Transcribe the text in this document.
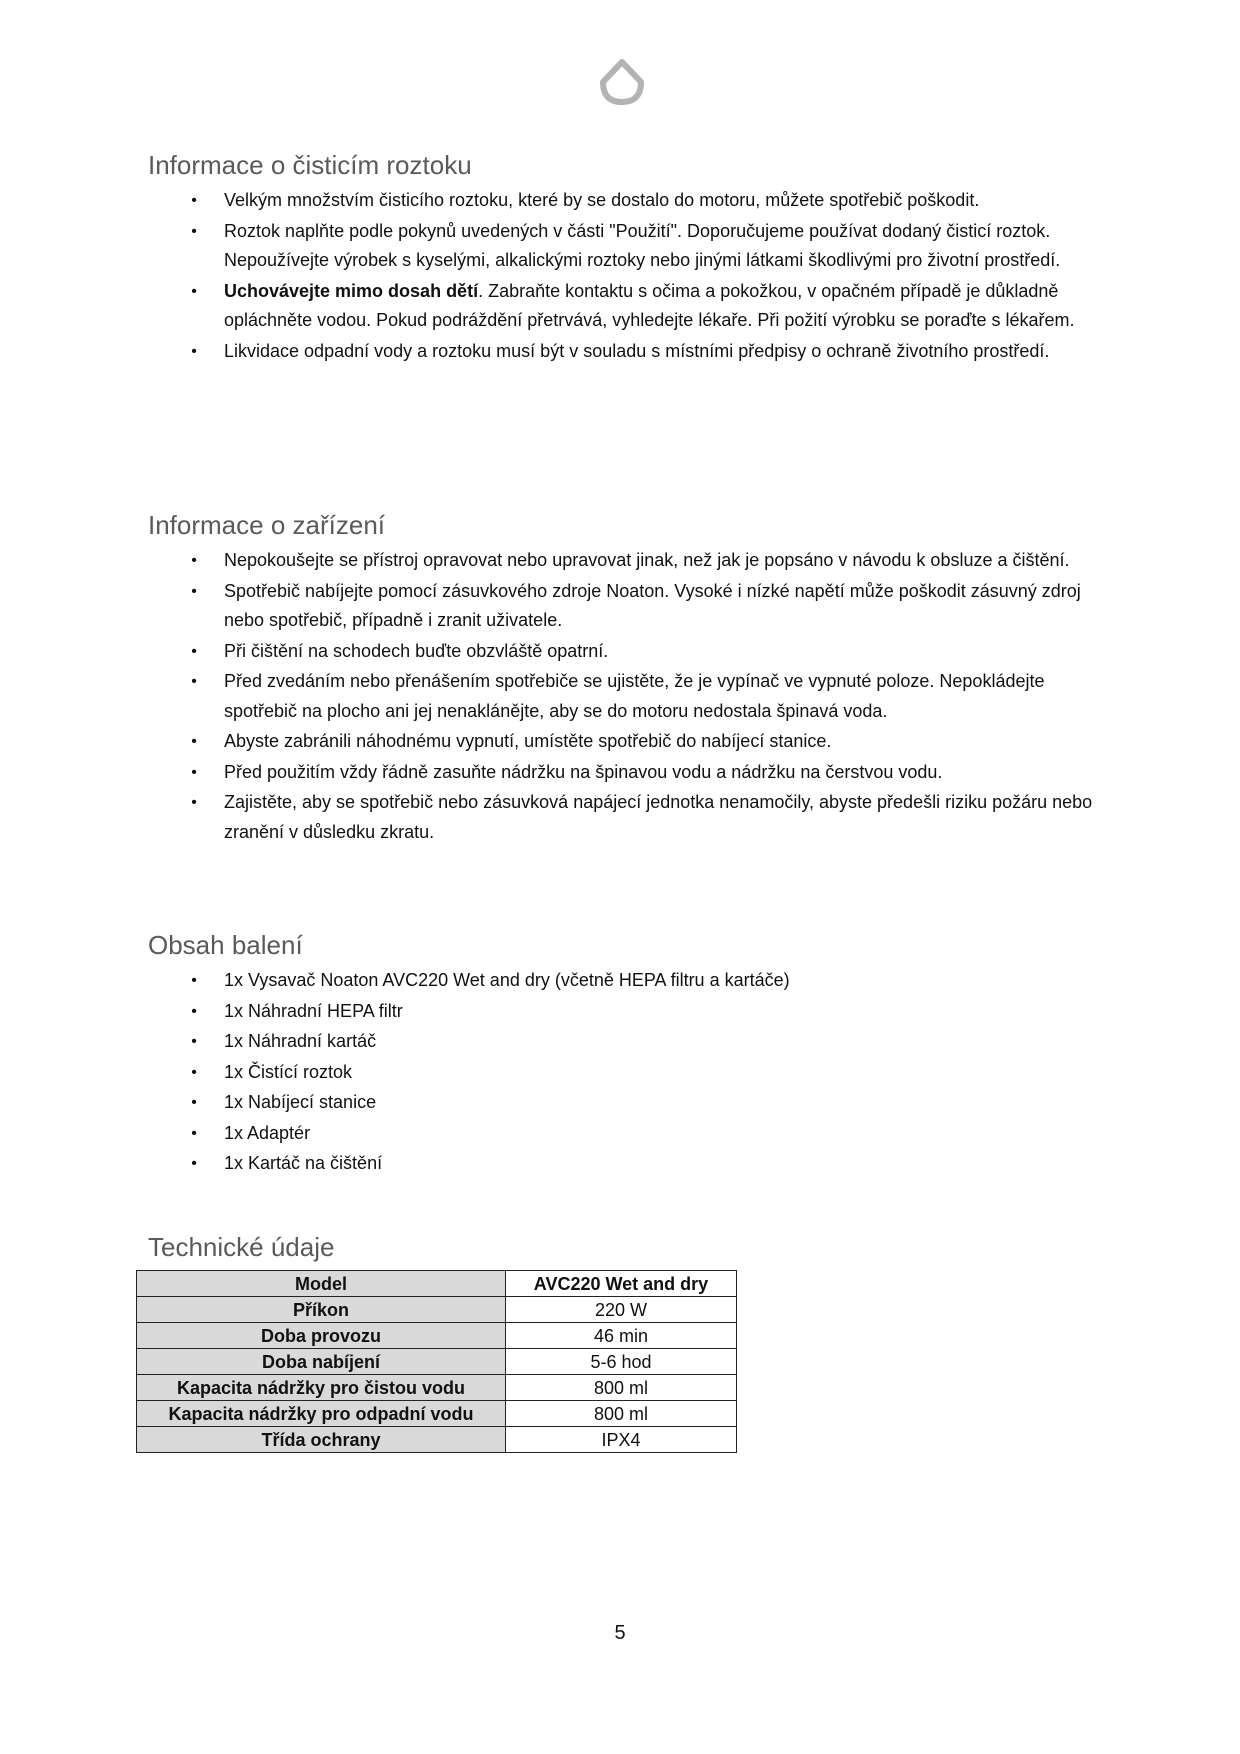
Informace o čisticím roztoku
• Velkým množstvím čisticího roztoku, které by se dostalo do motoru, můžete spotřebič poškodit.
• Roztok naplňte podle pokynů uvedených v části "Použití". Doporučujeme používat dodaný čisticí roztok. Nepoužívejte výrobek s kyselými, alkalickými roztoky nebo jinými látkami škodlivými pro životní prostředí.
• Uchovávejte mimo dosah dětí. Zabraňte kontaktu s očima a pokožkou, v opačném případě je důkladně opláchněte vodou. Pokud podráždění přetrvává, vyhledejte lékaře. Při požití výrobku se poraďte s lékařem.
• Likvidace odpadní vody a roztoku musí být v souladu s místními předpisy o ochraně životního prostředí.
Informace o zařízení
• Nepokoušejte se přístroj opravovat nebo upravovat jinak, než jak je popsáno v návodu k obsluze a čištění.
• Spotřebič nabíjejte pomocí zásuvkového zdroje Noaton. Vysoké i nízké napětí může poškodit zásuvný zdroj nebo spotřebič, případně i zranit uživatele.
• Při čištění na schodech buďte obzvláště opatrní.
• Před zvedáním nebo přenášením spotřebiče se ujistěte, že je vypínač ve vypnuté poloze. Nepokládejte spotřebič na plocho ani jej nenaklánějte, aby se do motoru nedostala špinavá voda.
• Abyste zabránili náhodnému vypnutí, umístěte spotřebič do nabíjecí stanice.
• Před použitím vždy řádně zasuňte nádržku na špinavou vodu a nádržku na čerstvou vodu.
• Zajistěte, aby se spotřebič nebo zásuvková napájecí jednotka nenamočily, abyste předešli riziku požáru nebo zranění v důsledku zkratu.
Obsah balení
• 1x Vysavač Noaton AVC220 Wet and dry (včetně HEPA filtru a kartáče)
• 1x Náhradní HEPA filtr
• 1x Náhradní kartáč
• 1x Čistící roztok
• 1x Nabíjecí stanice
• 1x Adaptér
• 1x Kartáč na čištění
Technické údaje
Model	AVC220 Wet and dry
Příkon	220 W
Doba provozu	46 min
Doba nabíjení	5-6 hod
Kapacita nádržky pro čistou vodu	800 ml
Kapacita nádržky pro odpadní vodu	800 ml
Třída ochrany	IPX4
5
